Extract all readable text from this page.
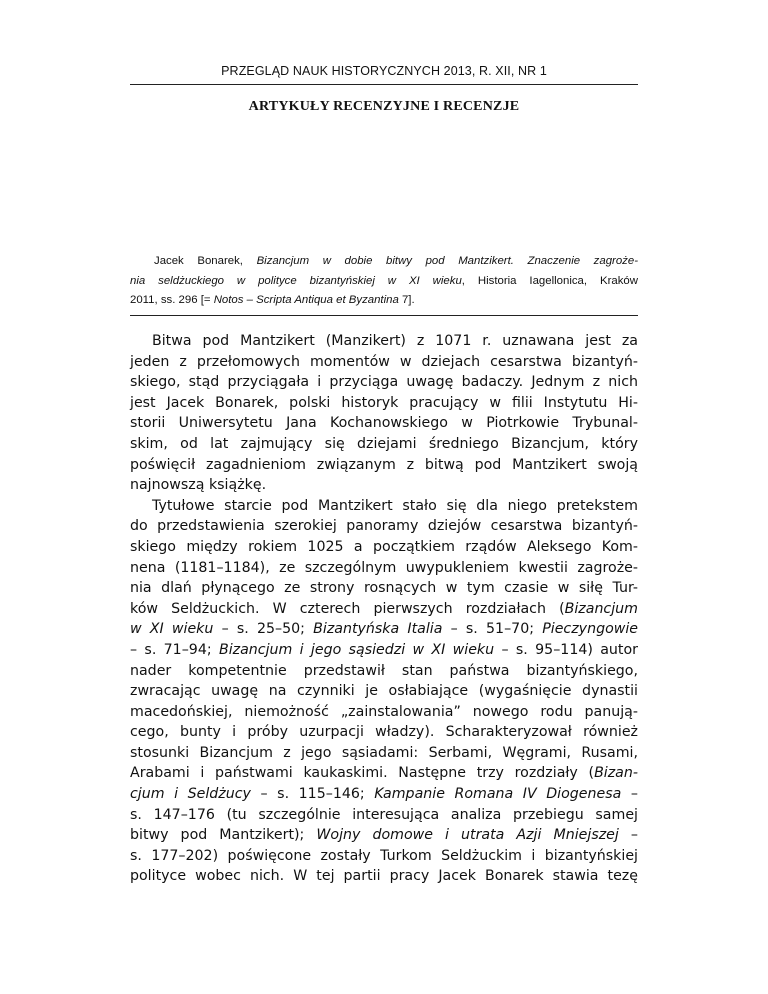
PRZEGLĄD NAUK HISTORYCZNYCH 2013, R. XII, NR 1
ARTYKUŁY RECENZYJNE I RECENZJE
Jacek Bonarek, Bizancjum w dobie bitwy pod Mantzikert. Znaczenie zagroże-
nia seldżuckiego w polityce bizantyńskiej w XI wieku, Historia Iagellonica, Kraków
2011, ss. 296 [= Notos – Scripta Antiqua et Byzantina 7].
Bitwa pod Mantzikert (Manzikert) z 1071 r. uznawana jest za
jeden z przełomowych momentów w dziejach cesarstwa bizantyń-
skiego, stąd przyciągała i przyciąga uwagę badaczy. Jednym z nich
jest Jacek Bonarek, polski historyk pracujący w filii Instytutu Hi-
storii Uniwersytetu Jana Kochanowskiego w Piotrkowie Trybunal-
skim, od lat zajmujący się dziejami średniego Bizancjum, który
poświęcił zagadnieniom związanym z bitwą pod Mantzikert swoją
najnowszą książkę.
Tytułowe starcie pod Mantzikert stało się dla niego pretekstem
do przedstawienia szerokiej panoramy dziejów cesarstwa bizantyń-
skiego między rokiem 1025 a początkiem rządów Aleksego Kom-
nena (1181–1184), ze szczególnym uwypukleniem kwestii zagroże-
nia dlań płynącego ze strony rosnących w tym czasie w siłę Tur-
ków Seldżuckich. W czterech pierwszych rozdziałach (Bizancjum
w XI wieku – s. 25–50; Bizantyńska Italia – s. 51–70; Pieczyngowie
– s. 71–94; Bizancjum i jego sąsiedzi w XI wieku – s. 95–114) autor
nader kompetentnie przedstawił stan państwa bizantyńskiego,
zwracając uwagę na czynniki je osłabiające (wygaśnięcie dynastii
macedońskiej, niemożność „zainstalowania” nowego rodu panują-
cego, bunty i próby uzurpacji władzy). Scharakteryzował również
stosunki Bizancjum z jego sąsiadami: Serbami, Węgrami, Rusami,
Arabami i państwami kaukaskimi. Następne trzy rozdziały (Bizan-
cjum i Seldżucy – s. 115–146; Kampanie Romana IV Diogenesa –
s. 147–176 (tu szczególnie interesująca analiza przebiegu samej
bitwy pod Mantzikert); Wojny domowe i utrata Azji Mniejszej –
s. 177–202) poświęcone zostały Turkom Seldżuckim i bizantyńskiej
polityce wobec nich. W tej partii pracy Jacek Bonarek stawia tezę
